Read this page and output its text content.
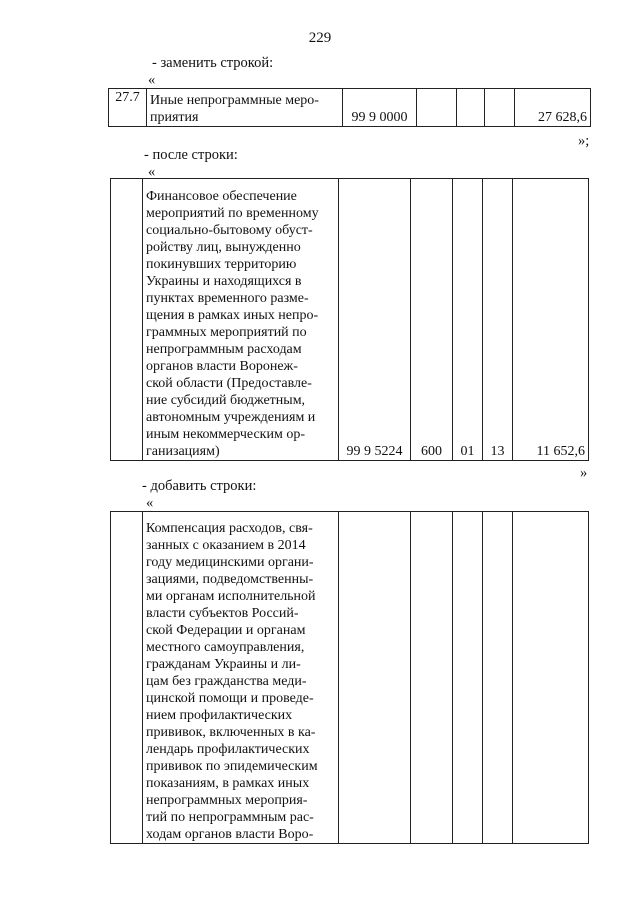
229
- заменить строкой:
«
27.7	Иные непрограммные меро-
приятия	99 9 0000				27 628,6
»;
- после строки:
«

Финансовое обеспечение
мероприятий по временному
социально-бытовому обуст-
ройству лиц, вынужденно
покинувших территорию
Украины и находящихся в
пунктах временного разме-
щения в рамках иных непро-
граммных мероприятий по
непрограммным расходам
органов власти Воронеж-
ской области (Предоставле-
ние субсидий бюджетным,
автономным учреждениям и
иным некоммерческим ор-
ганизациям)	99 9 5224	600	01	13	11 652,6
»
- добавить строки:
«

Компенсация расходов, свя-
занных с оказанием в 2014
году медицинскими органи-
зациями, подведомственны-
ми органам исполнительной
власти субъектов Россий-
ской Федерации и органам
местного самоуправления,
гражданам Украины и ли-
цам без гражданства меди-
цинской помощи и проведе-
нием профилактических
прививок, включенных в ка-
лендарь профилактических
прививок по эпидемическим
показаниям, в рамках иных
непрограммных мероприя-
тий по непрограммным рас-
ходам органов власти Воро-
